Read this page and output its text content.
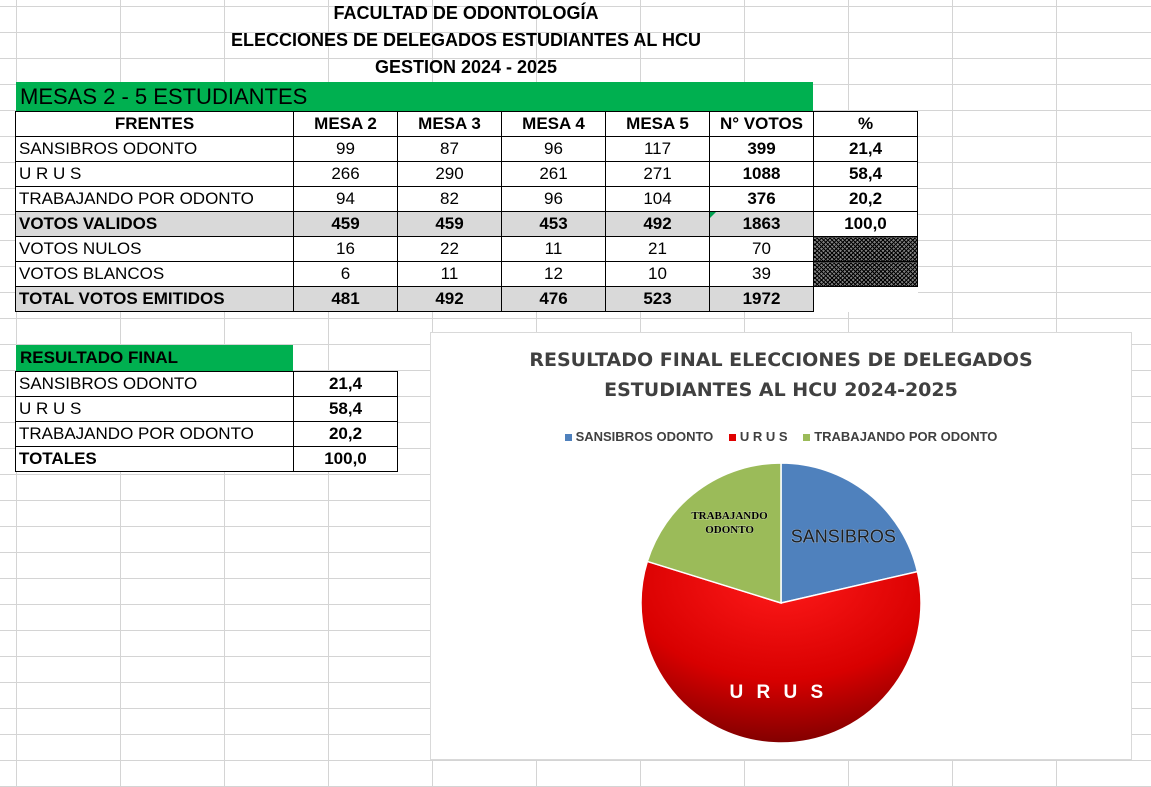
FACULTAD DE ODONTOLOGÍA
ELECCIONES DE DELEGADOS ESTUDIANTES AL HCU
GESTION 2024 - 2025
MESAS 2 - 5 ESTUDIANTES
FRENTES	MESA 2	MESA 3	MESA 4	MESA 5	N° VOTOS	%
SANSIBROS ODONTO	99	87	96	117	399	21,4
U R U S	266	290	261	271	1088	58,4
TRABAJANDO POR ODONTO	94	82	96	104	376	20,2
VOTOS VALIDOS	459	459	453	492	1863	100,0
VOTOS NULOS	16	22	11	21	70	
VOTOS BLANCOS	6	11	12	10	39	
TOTAL VOTOS EMITIDOS	481	492	476	523	1972	
RESULTADO FINAL
SANSIBROS ODONTO	21,4
U R U S	58,4
TRABAJANDO POR ODONTO	20,2
TOTALES	100,0
RESULTADO FINAL ELECCIONES DE DELEGADOS
ESTUDIANTES AL HCU 2024-2025
SANSIBROS ODONTO U R U S TRABAJANDO POR ODONTO
SANSIBROS
U R U S
TRABAJANDO ODONTO
